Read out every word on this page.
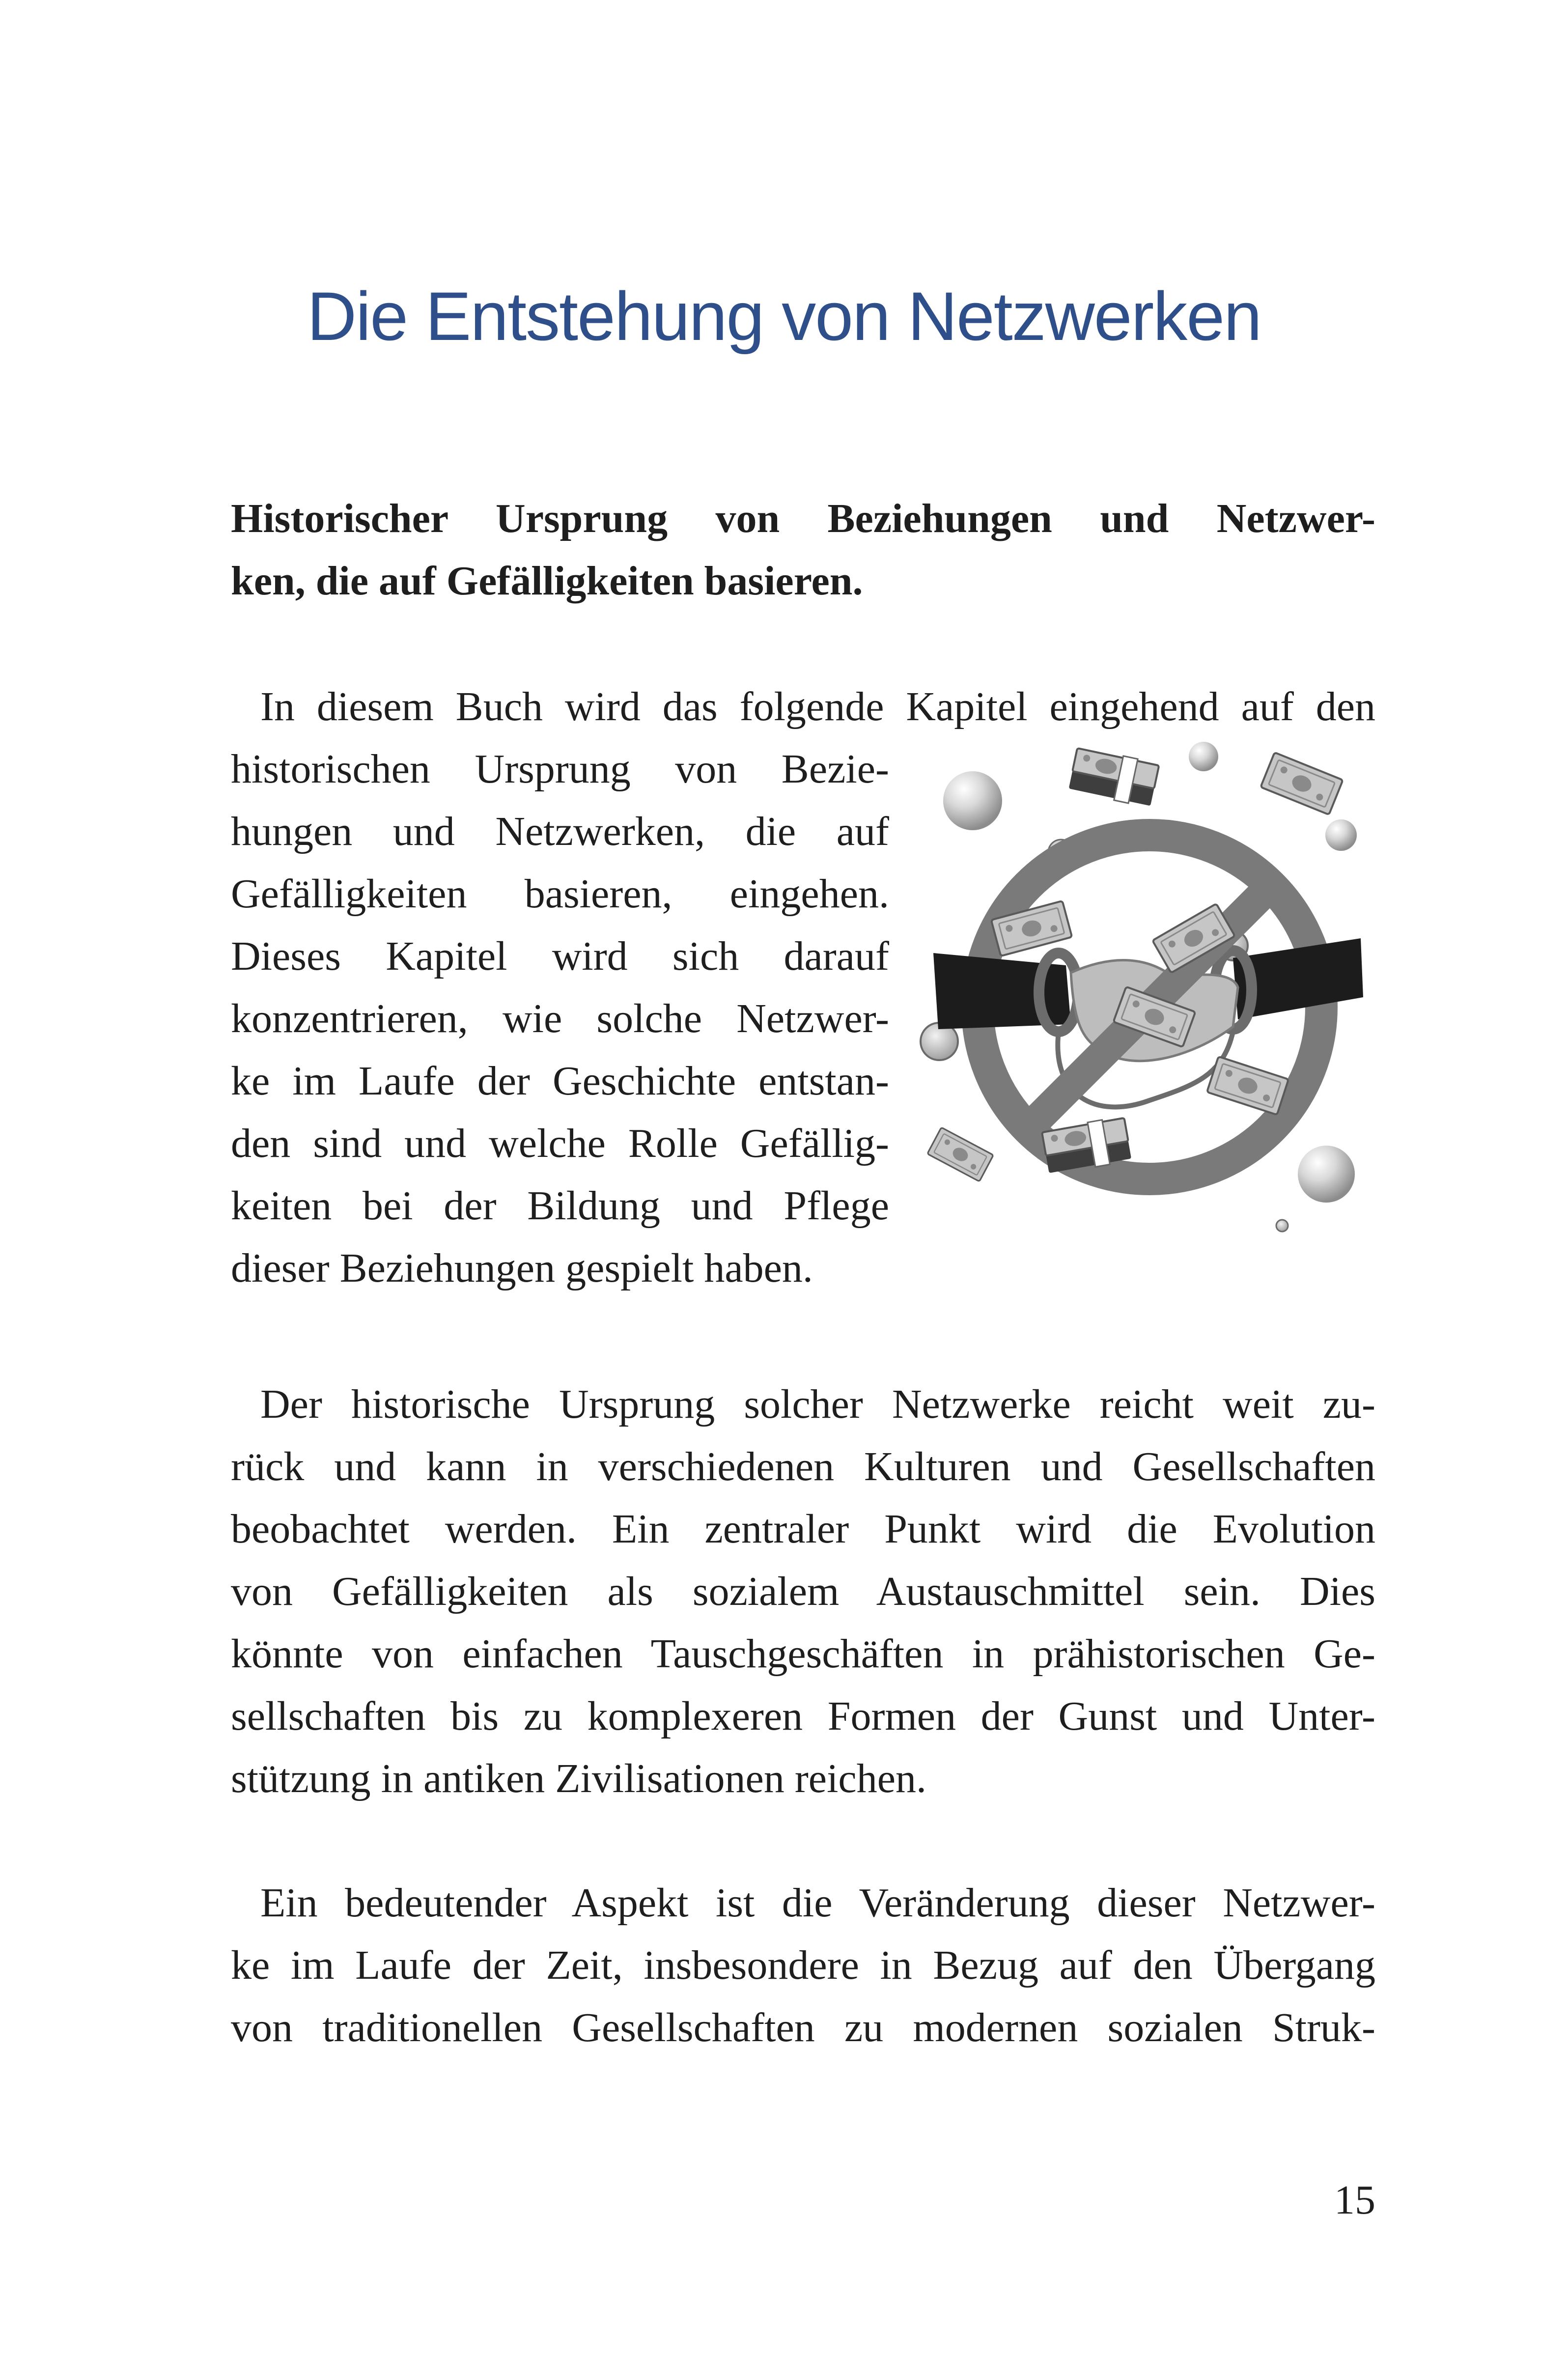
Die Entstehung von Netzwerken
Historischer Ursprung von Beziehungen und Netzwer-
ken, die auf Gefälligkeiten basieren.
In diesem Buch wird das folgende Kapitel eingehend auf den
historischen Ursprung von Bezie-
hungen und Netzwerken, die auf
Gefälligkeiten basieren, eingehen.
Dieses Kapitel wird sich darauf
konzentrieren, wie solche Netzwer-
ke im Laufe der Geschichte entstan-
den sind und welche Rolle Gefällig-
keiten bei der Bildung und Pflege
dieser Beziehungen gespielt haben.
Der historische Ursprung solcher Netzwerke reicht weit zu-
rück und kann in verschiedenen Kulturen und Gesellschaften
beobachtet werden. Ein zentraler Punkt wird die Evolution
von Gefälligkeiten als sozialem Austauschmittel sein. Dies
könnte von einfachen Tauschgeschäften in prähistorischen Ge-
sellschaften bis zu komplexeren Formen der Gunst und Unter-
stützung in antiken Zivilisationen reichen.
Ein bedeutender Aspekt ist die Veränderung dieser Netzwer-
ke im Laufe der Zeit, insbesondere in Bezug auf den Übergang
von traditionellen Gesellschaften zu modernen sozialen Struk-
15
